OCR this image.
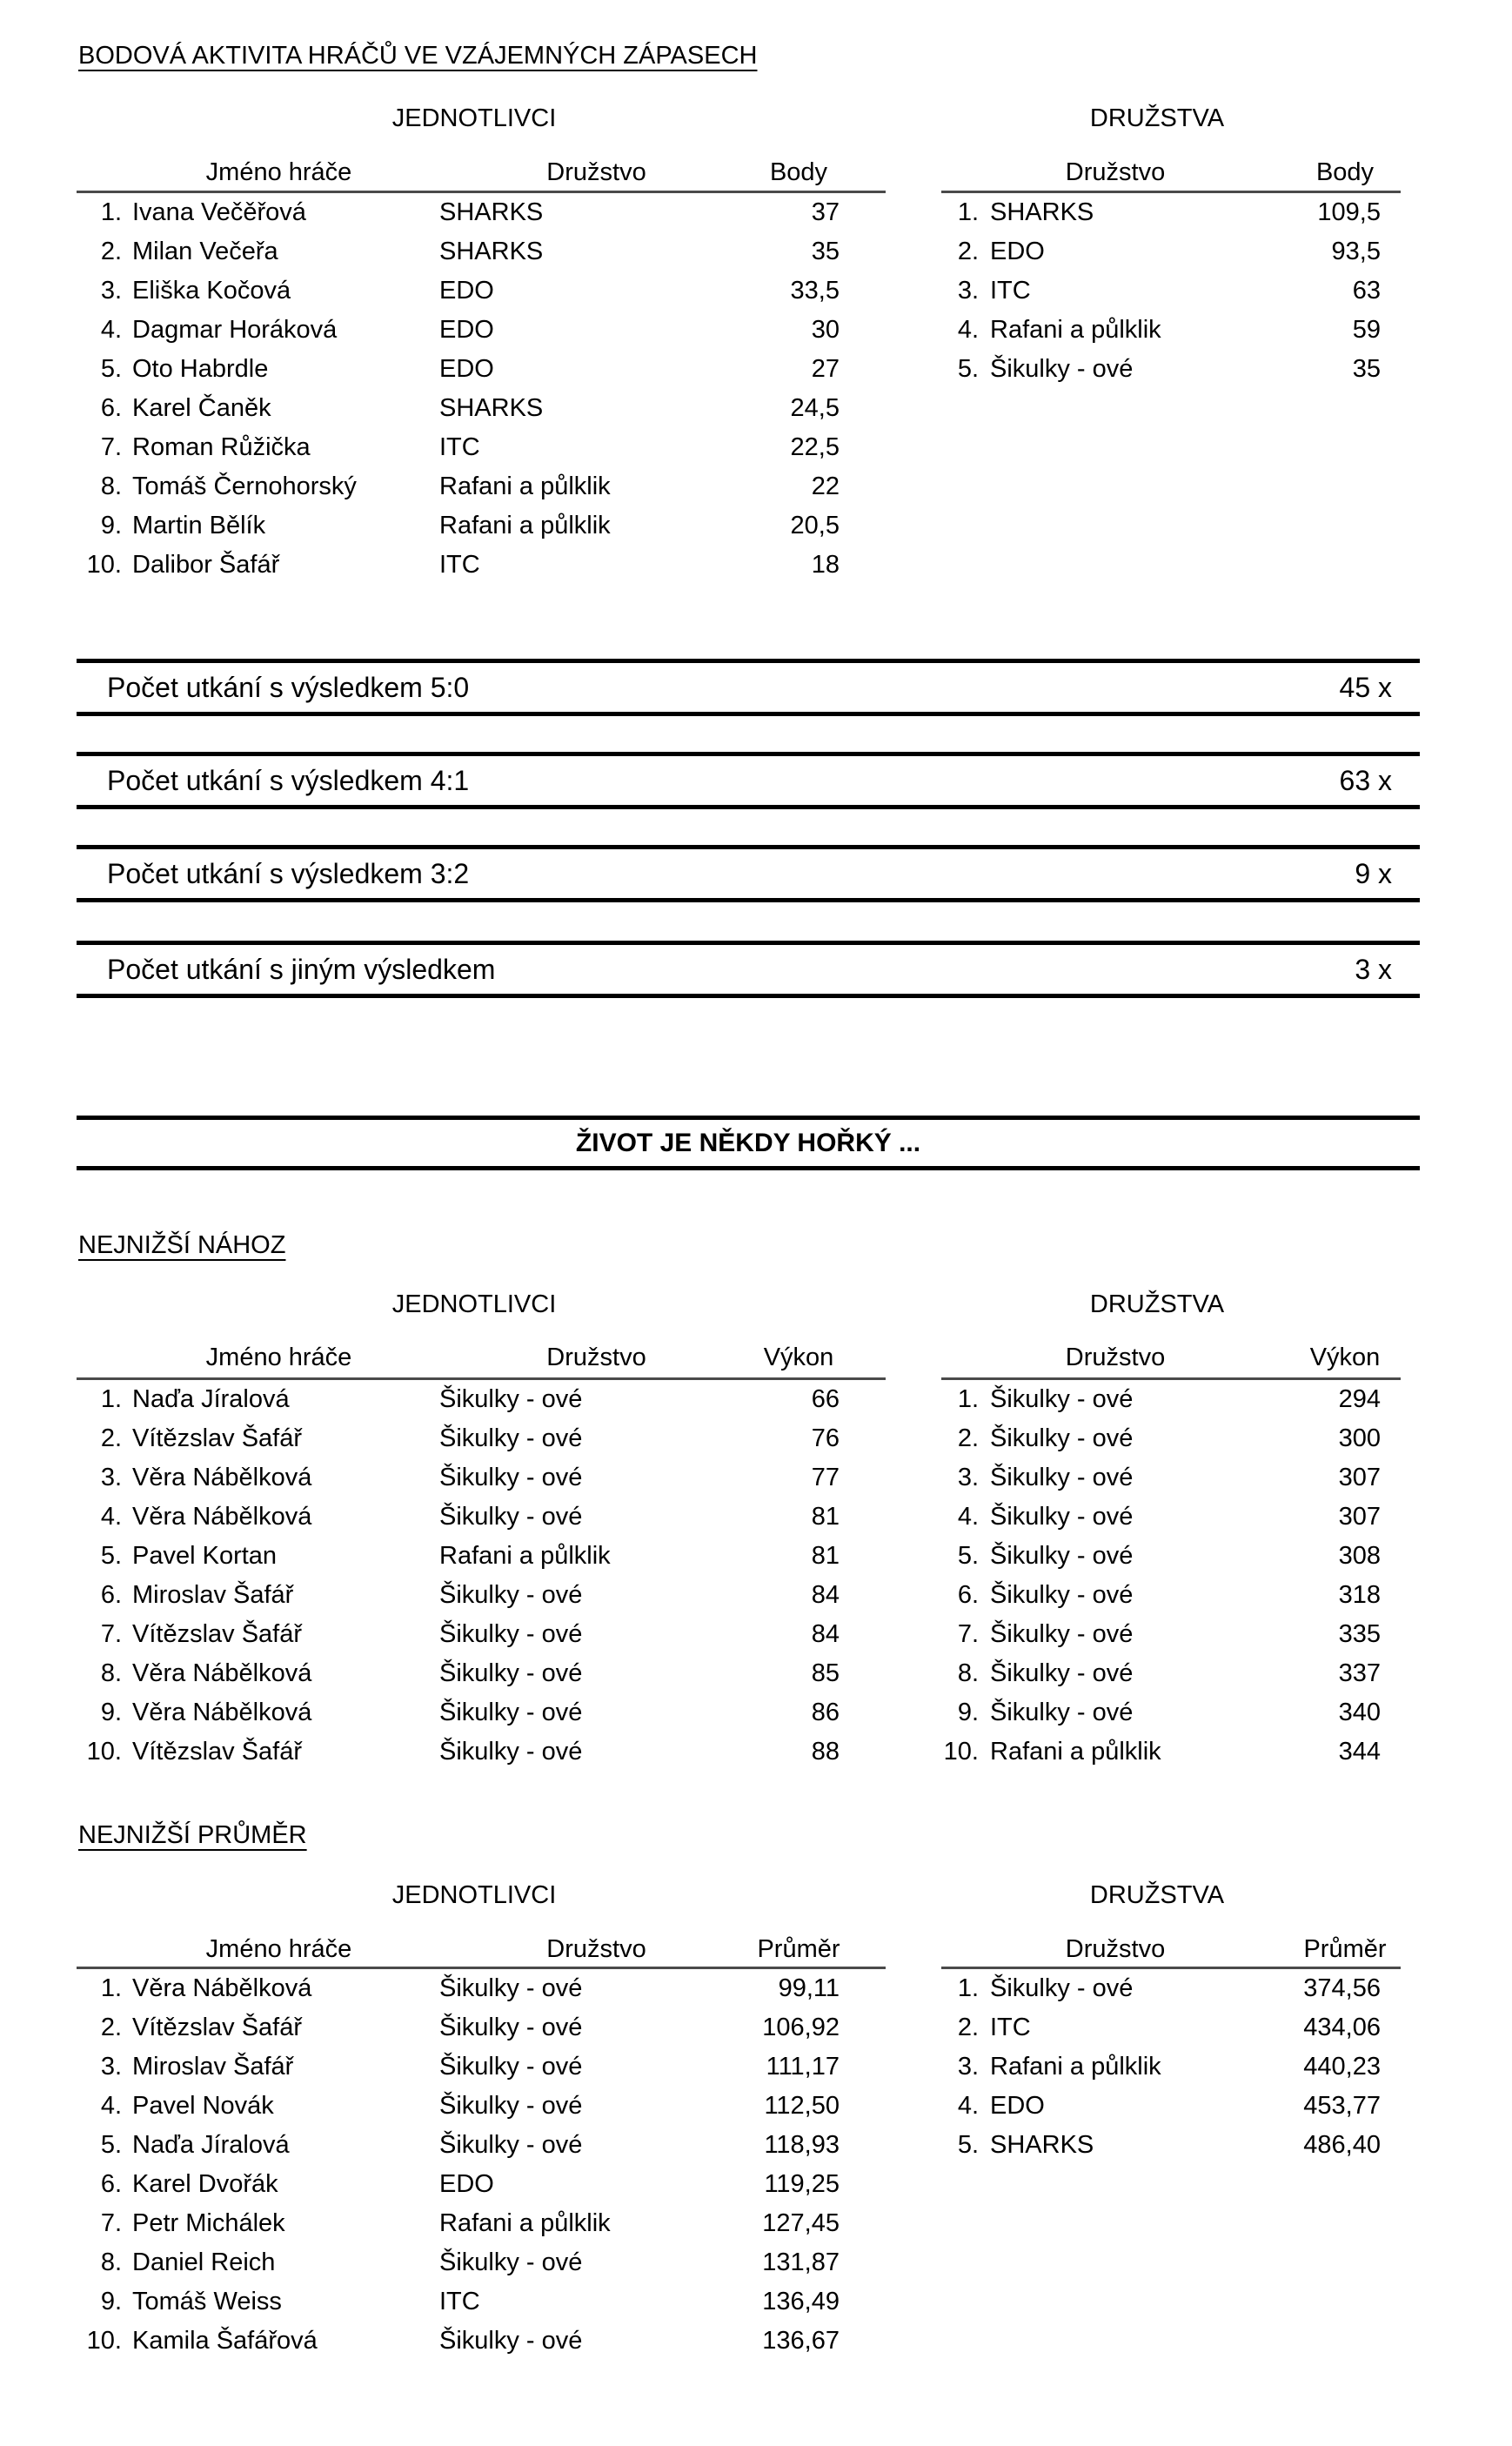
BODOVÁ AKTIVITA HRÁČŮ VE VZÁJEMNÝCH ZÁPASECH
JEDNOTLIVCI	DRUŽSTVA
Jméno hráče	Družstvo	Body
1. Ivana Večěřová	SHARKS	37
2. Milan Večeřa	SHARKS	35
3. Eliška Kočová	EDO	33,5
4. Dagmar Horáková	EDO	30
5. Oto Habrdle	EDO	27
6. Karel Čaněk	SHARKS	24,5
7. Roman Růžička	ITC	22,5
8. Tomáš Černohorský	Rafani a půlklik	22
9. Martin Bělík	Rafani a půlklik	20,5
10. Dalibor Šafář	ITC	18
Družstvo	Body
1. SHARKS	109,5
2. EDO	93,5
3. ITC	63
4. Rafani a půlklik	59
5. Šikulky - ové	35
Počet utkání s výsledkem 5:0	45 x
Počet utkání s výsledkem 4:1	63 x
Počet utkání s výsledkem 3:2	9 x
Počet utkání s jiným výsledkem	3 x
ŽIVOT JE NĚKDY HOŘKÝ ...
NEJNIŽŠÍ NÁHOZ
JEDNOTLIVCI	DRUŽSTVA
Jméno hráče	Družstvo	Výkon
1. Naďa Jíralová	Šikulky - ové	66
2. Vítězslav Šafář	Šikulky - ové	76
3. Věra Nábělková	Šikulky - ové	77
4. Věra Nábělková	Šikulky - ové	81
5. Pavel Kortan	Rafani a půlklik	81
6. Miroslav Šafář	Šikulky - ové	84
7. Vítězslav Šafář	Šikulky - ové	84
8. Věra Nábělková	Šikulky - ové	85
9. Věra Nábělková	Šikulky - ové	86
10. Vítězslav Šafář	Šikulky - ové	88
Družstvo	Výkon
1. Šikulky - ové	294
2. Šikulky - ové	300
3. Šikulky - ové	307
4. Šikulky - ové	307
5. Šikulky - ové	308
6. Šikulky - ové	318
7. Šikulky - ové	335
8. Šikulky - ové	337
9. Šikulky - ové	340
10. Rafani a půlklik	344
NEJNIŽŠÍ PRŮMĚR
JEDNOTLIVCI	DRUŽSTVA
Jméno hráče	Družstvo	Průměr
1. Věra Nábělková	Šikulky - ové	99,11
2. Vítězslav Šafář	Šikulky - ové	106,92
3. Miroslav Šafář	Šikulky - ové	111,17
4. Pavel Novák	Šikulky - ové	112,50
5. Naďa Jíralová	Šikulky - ové	118,93
6. Karel Dvořák	EDO	119,25
7. Petr Michálek	Rafani a půlklik	127,45
8. Daniel Reich	Šikulky - ové	131,87
9. Tomáš Weiss	ITC	136,49
10. Kamila Šafářová	Šikulky - ové	136,67
Družstvo	Průměr
1. Šikulky - ové	374,56
2. ITC	434,06
3. Rafani a půlklik	440,23
4. EDO	453,77
5. SHARKS	486,40
